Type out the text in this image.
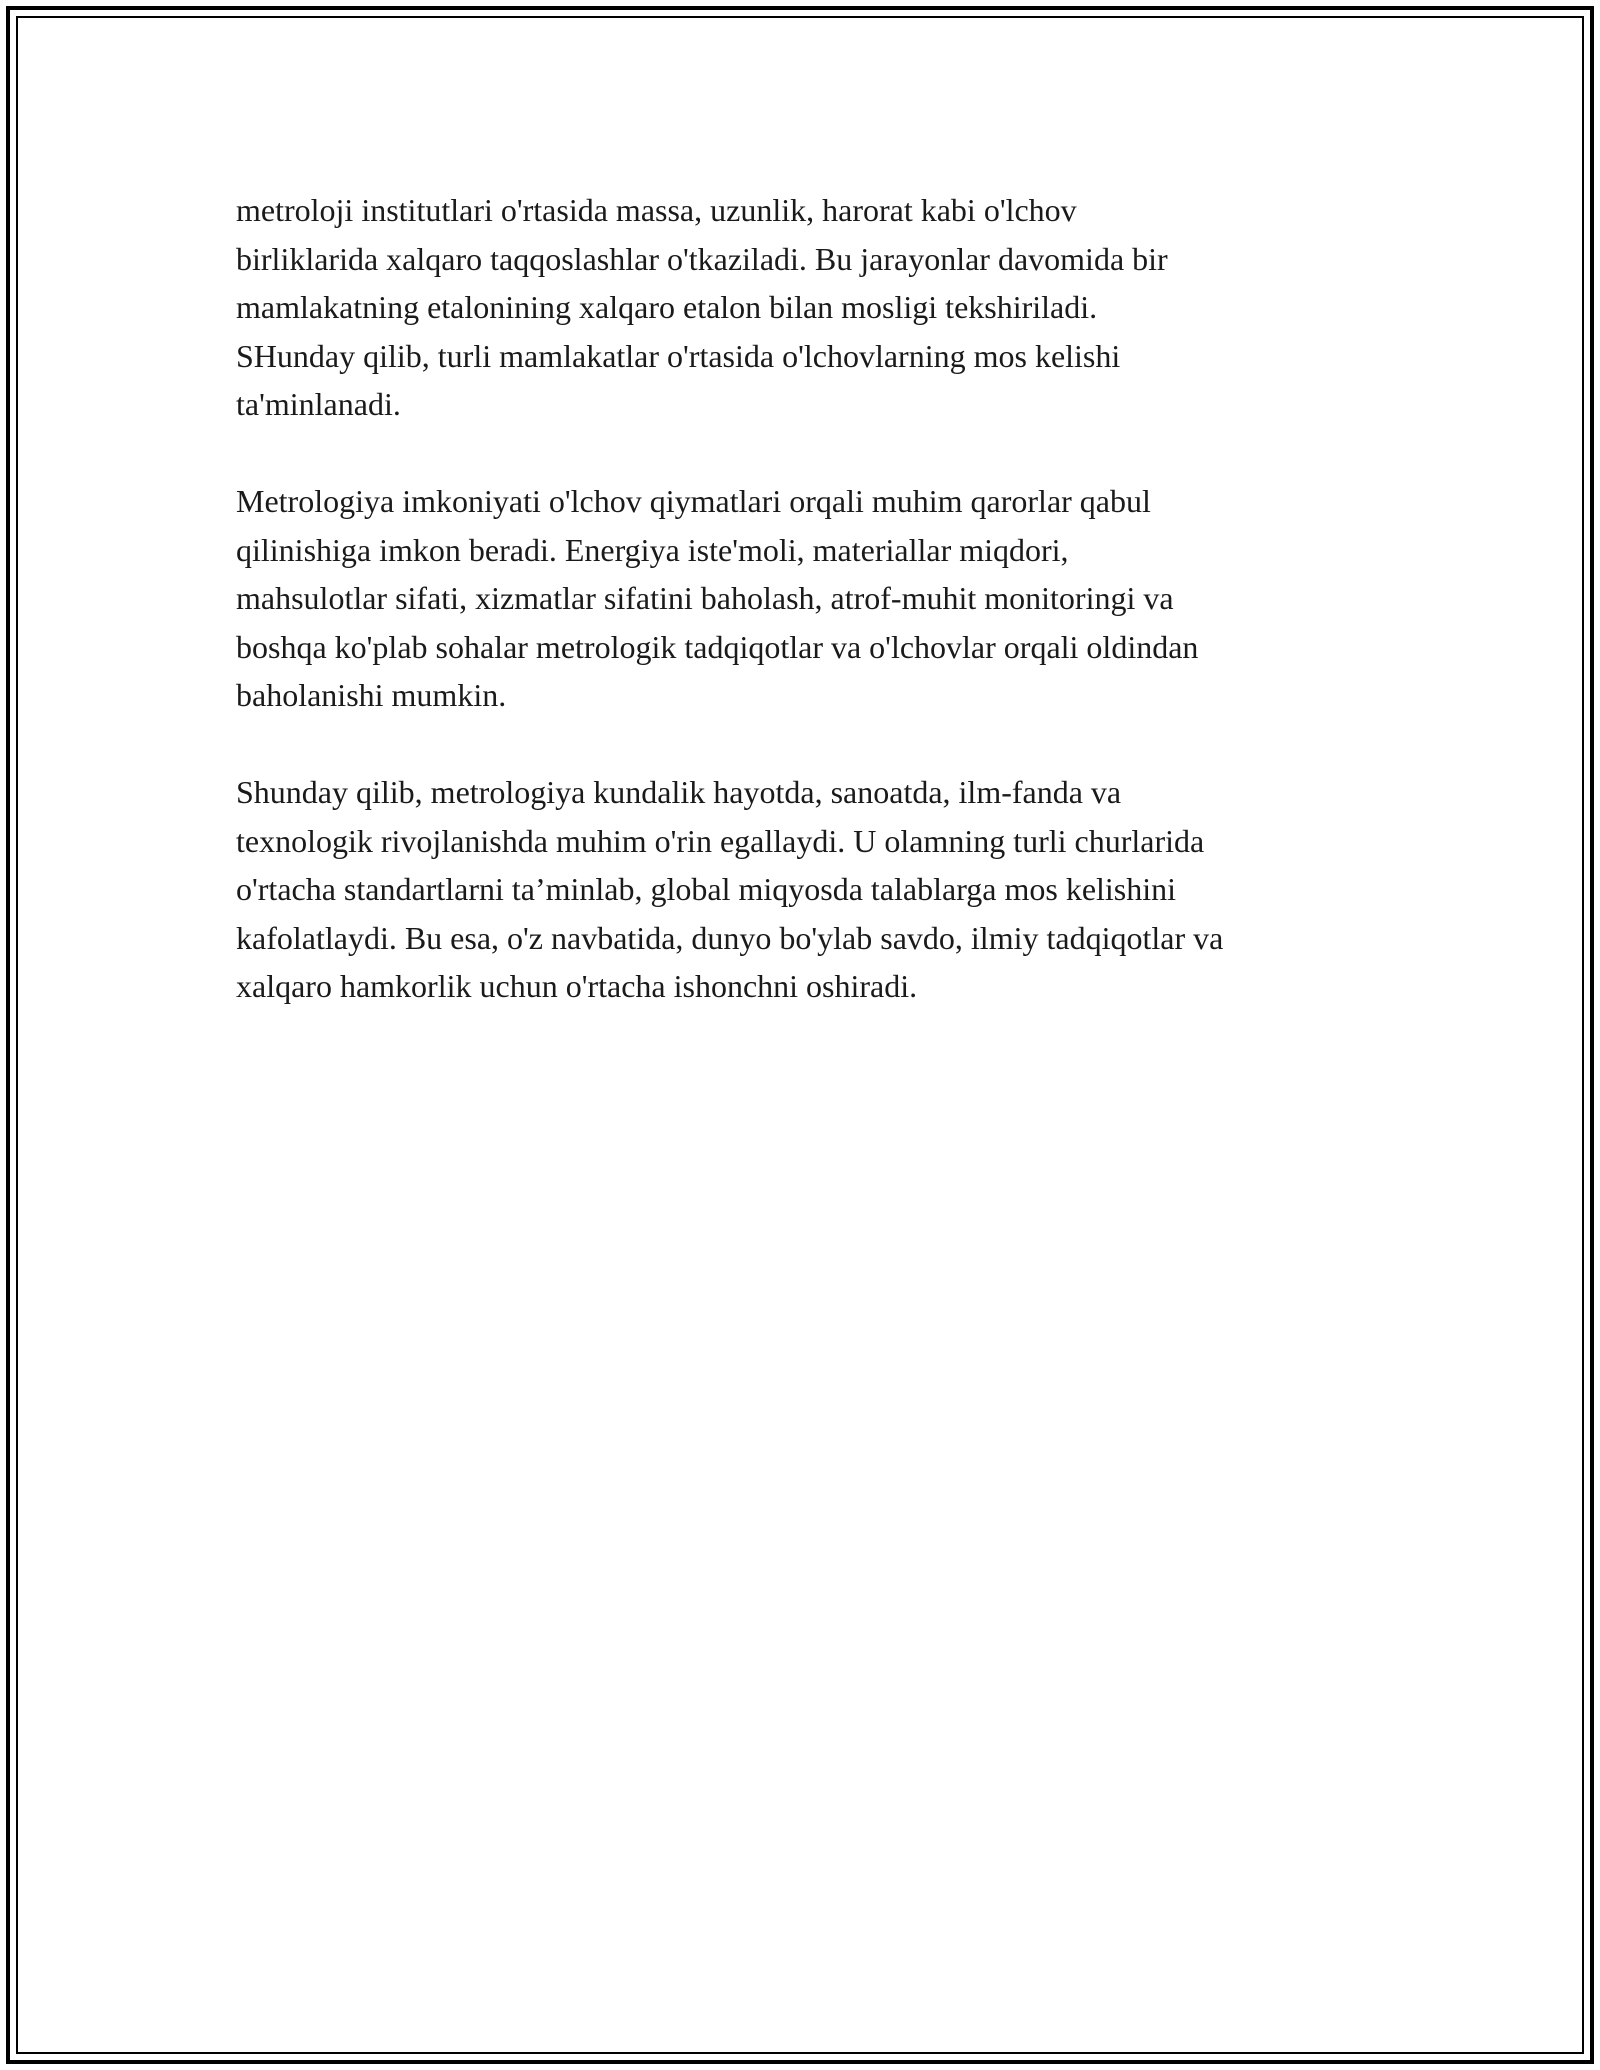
metroloji institutlari o'rtasida massa, uzunlik, harorat kabi o'lchov
birliklarida xalqaro taqqoslashlar o'tkaziladi. Bu jarayonlar davomida bir
mamlakatning etalonining xalqaro etalon bilan mosligi tekshiriladi.
SHunday qilib, turli mamlakatlar o'rtasida o'lchovlarning mos kelishi
ta'minlanadi.

Metrologiya imkoniyati o'lchov qiymatlari orqali muhim qarorlar qabul
qilinishiga imkon beradi. Energiya iste'moli, materiallar miqdori,
mahsulotlar sifati, xizmatlar sifatini baholash, atrof-muhit monitoringi va
boshqa ko'plab sohalar metrologik tadqiqotlar va o'lchovlar orqali oldindan
baholanishi mumkin.

Shunday qilib, metrologiya kundalik hayotda, sanoatda, ilm-fanda va
texnologik rivojlanishda muhim o'rin egallaydi. U olamning turli churlarida
o'rtacha standartlarni ta’minlab, global miqyosda talablarga mos kelishini
kafolatlaydi. Bu esa, o'z navbatida, dunyo bo'ylab savdo, ilmiy tadqiqotlar va
xalqaro hamkorlik uchun o'rtacha ishonchni oshiradi.
